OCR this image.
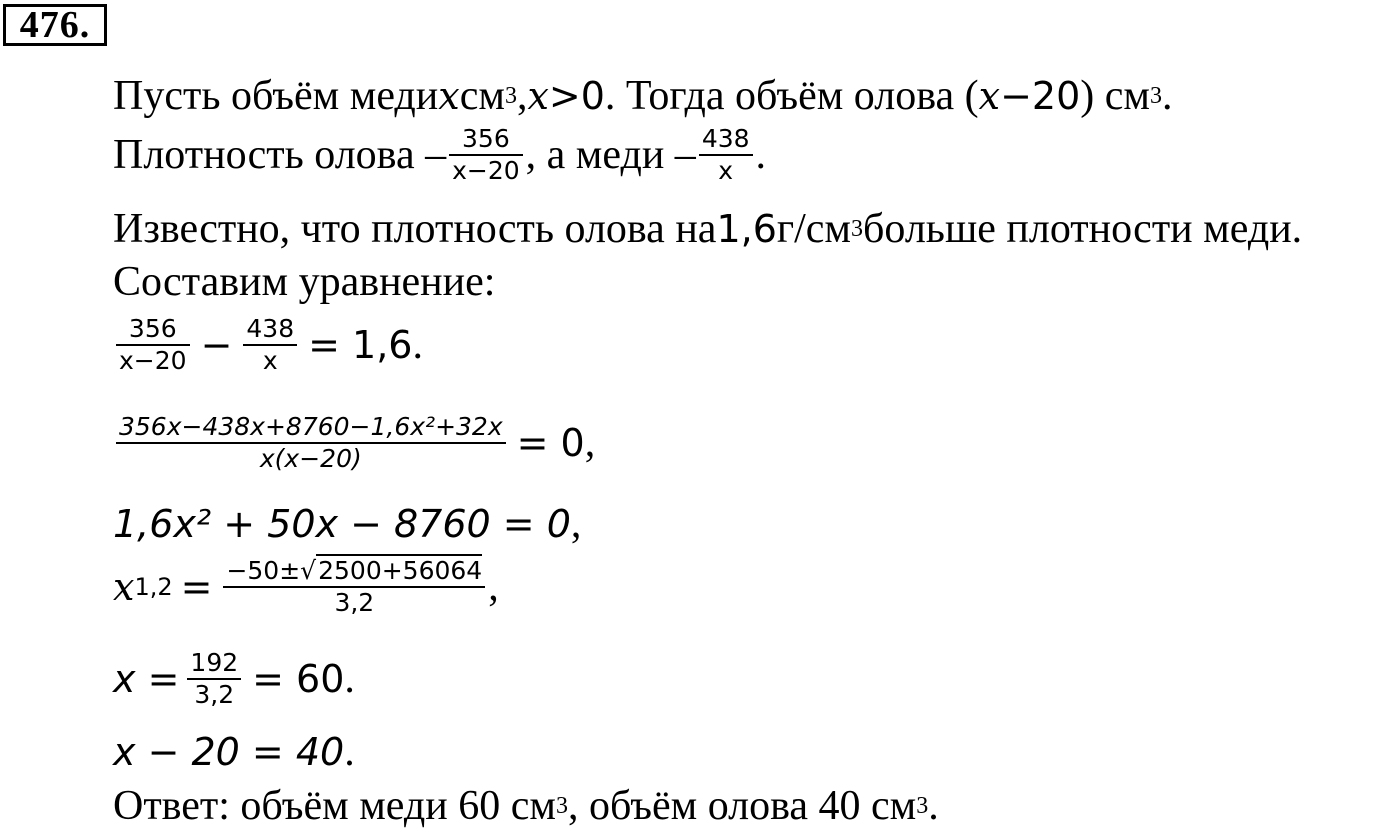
476.
Пусть объём меди x см 3 , x > 0 . Тогда объём олова ( x − 20 ) см 3 .
Плотность олова – $\frac{356}{x-20}$ , а меди – $\frac{438}{x}$ .
Известно, что плотность олова на 1,6 г/см 3 больше плотности меди.
Составим уравнение:
$\frac{356}{x-20} - \frac{438}{x} = 1,6$ .
$\frac{\text{356x−438x+8760−1,6x²+32x}}{x(x-20)} = 0$ ,
1,6x² + 50x − 8760 = 0 ,
x $1,2 = \frac{-50\pm√2500+56064}{3,2}$ ,
$x = \frac{192}{3,2} = 60$ .
x − 20 = 40 .
Ответ: объём меди 60 см 3 , объём олова 40 см 3 .
